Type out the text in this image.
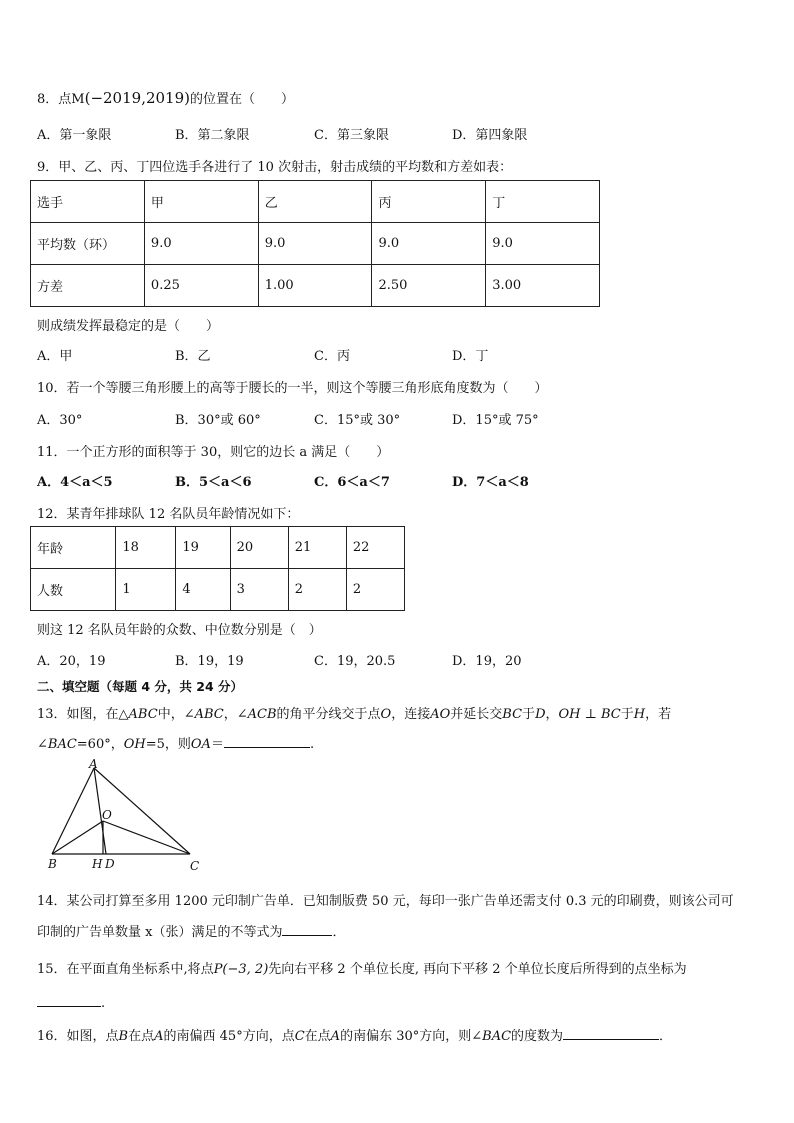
8．点M(−2019,2019)的位置在（　　）
A．第一象限	B．第二象限	C．第三象限	D．第四象限
9．甲、乙、丙、丁四位选手各进行了 10 次射击，射击成绩的平均数和方差如表：
选手	甲	乙	丙	丁
平均数（环）	9.0	9.0	9.0	9.0
方差	0.25	1.00	2.50	3.00
则成绩发挥最稳定的是（　　）
A．甲	B．乙	C．丙	D．丁
10．若一个等腰三角形腰上的高等于腰长的一半，则这个等腰三角形底角度数为（　　）
A．30°	B．30°或 60°	C．15°或 30°	D．15°或 75°
11．一个正方形的面积等于 30，则它的边长 a 满足（　　）
A．4＜a＜5	B．5＜a＜6	C．6＜a＜7	D．7＜a＜8
12．某青年排球队 12 名队员年龄情况如下：
年龄	18	19	20	21	22
人数	1	4	3	2	2
则这 12 名队员年龄的众数、中位数分别是（　）
A．20，19	B．19，19	C．19，20.5	D．19，20
二、填空题（每题 4 分，共 24 分）
13．如图，在△ABC中，∠ABC，∠ACB的角平分线交于点O，连接AO并延长交BC于D，OH ⊥ BC于H，若
∠BAC=60°，OH=5，则OA＝	.
A
O
B	H D	C
14．某公司打算至多用 1200 元印制广告单．已知制版费 50 元，每印一张广告单还需支付 0.3 元的印刷费，则该公司可
印制的广告单数量 x（张）满足的不等式为	．
15．在平面直角坐标系中,将点P(−3, 2)先向右平移 2 个单位长度, 再向下平移 2 个单位长度后所得到的点坐标为
.
16．如图，点B在点A的南偏西 45°方向，点C在点A的南偏东 30°方向，则∠BAC的度数为	．
